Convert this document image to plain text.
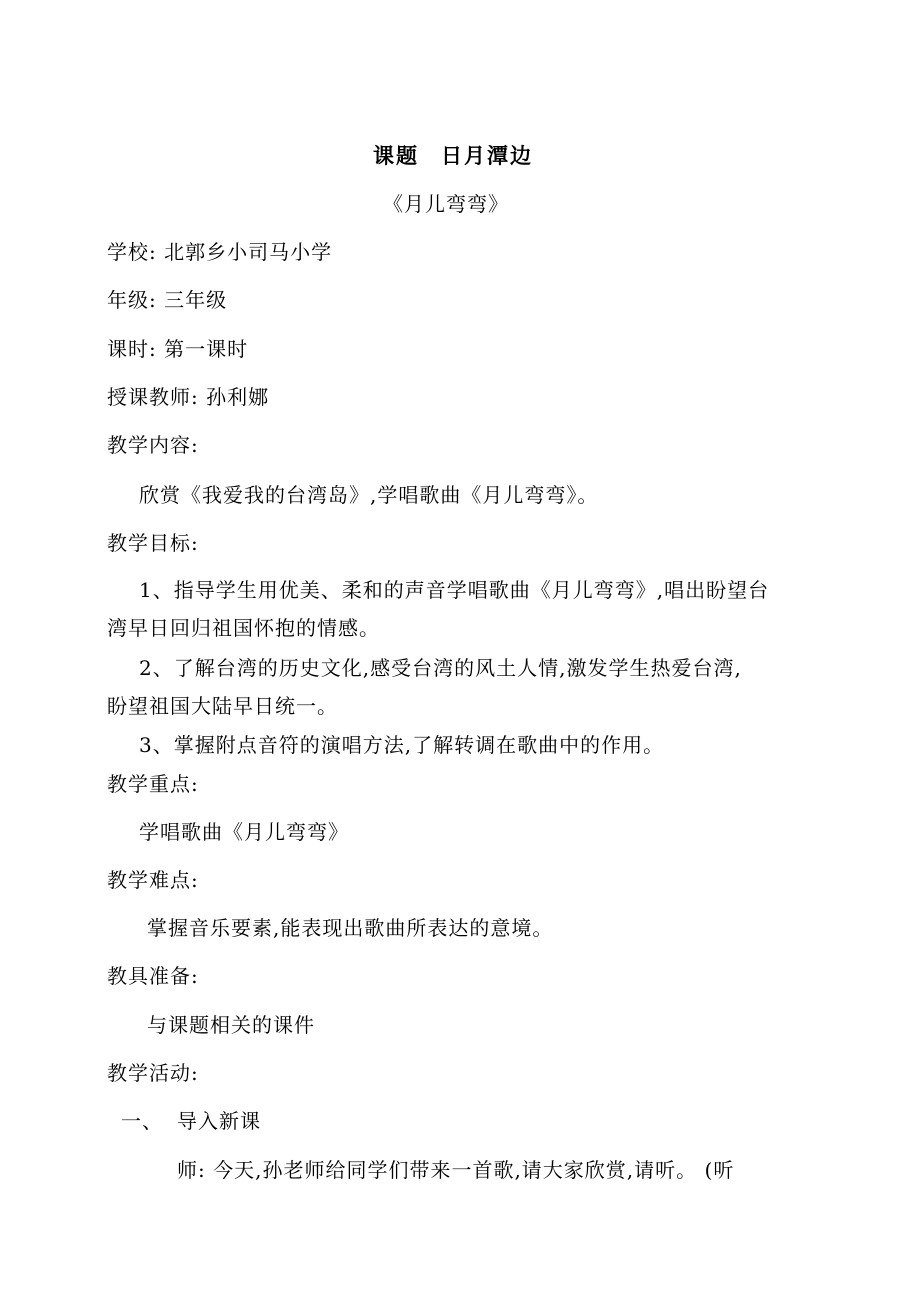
课题 日月潭边
《月儿弯弯》
学校: 北郭乡小司马小学
年级: 三年级
课时: 第一课时
授课教师: 孙利娜
教学内容:
欣赏《我爱我的台湾岛》,学唱歌曲《月儿弯弯》。
教学目标:
1、指导学生用优美、柔和的声音学唱歌曲《月儿弯弯》,唱出盼望台
湾早日回归祖国怀抱的情感。
2、了解台湾的历史文化,感受台湾的风土人情,激发学生热爱台湾,
盼望祖国大陆早日统一。
3、掌握附点音符的演唱方法,了解转调在歌曲中的作用。
教学重点:
学唱歌曲《月儿弯弯》
教学难点:
掌握音乐要素,能表现出歌曲所表达的意境。
教具准备:
与课题相关的课件
教学活动:
一、 导入新课
师: 今天,孙老师给同学们带来一首歌,请大家欣赏,请听。 (听
